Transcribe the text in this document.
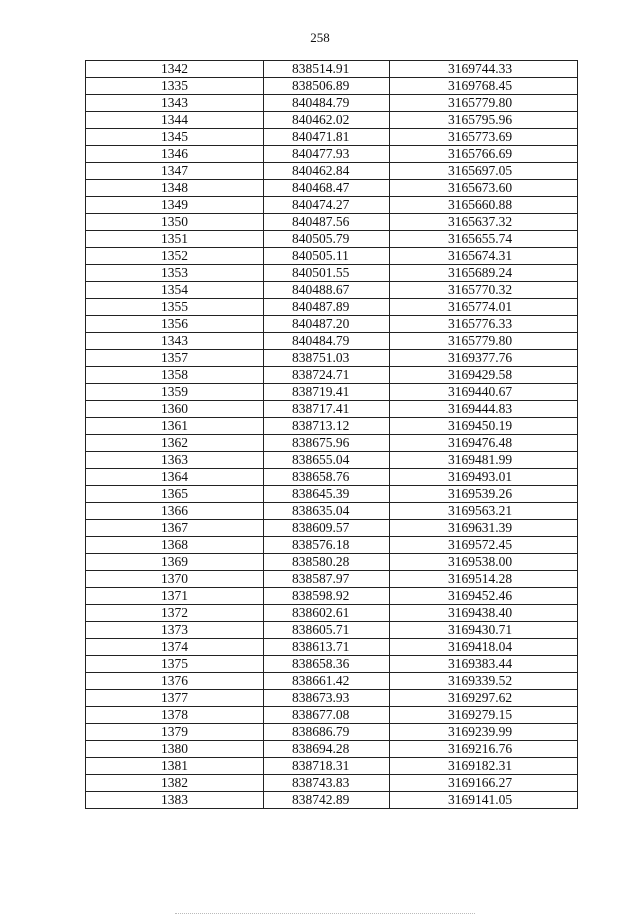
258
1342	838514.91	3169744.33
1335	838506.89	3169768.45
1343	840484.79	3165779.80
1344	840462.02	3165795.96
1345	840471.81	3165773.69
1346	840477.93	3165766.69
1347	840462.84	3165697.05
1348	840468.47	3165673.60
1349	840474.27	3165660.88
1350	840487.56	3165637.32
1351	840505.79	3165655.74
1352	840505.11	3165674.31
1353	840501.55	3165689.24
1354	840488.67	3165770.32
1355	840487.89	3165774.01
1356	840487.20	3165776.33
1343	840484.79	3165779.80
1357	838751.03	3169377.76
1358	838724.71	3169429.58
1359	838719.41	3169440.67
1360	838717.41	3169444.83
1361	838713.12	3169450.19
1362	838675.96	3169476.48
1363	838655.04	3169481.99
1364	838658.76	3169493.01
1365	838645.39	3169539.26
1366	838635.04	3169563.21
1367	838609.57	3169631.39
1368	838576.18	3169572.45
1369	838580.28	3169538.00
1370	838587.97	3169514.28
1371	838598.92	3169452.46
1372	838602.61	3169438.40
1373	838605.71	3169430.71
1374	838613.71	3169418.04
1375	838658.36	3169383.44
1376	838661.42	3169339.52
1377	838673.93	3169297.62
1378	838677.08	3169279.15
1379	838686.79	3169239.99
1380	838694.28	3169216.76
1381	838718.31	3169182.31
1382	838743.83	3169166.27
1383	838742.89	3169141.05
